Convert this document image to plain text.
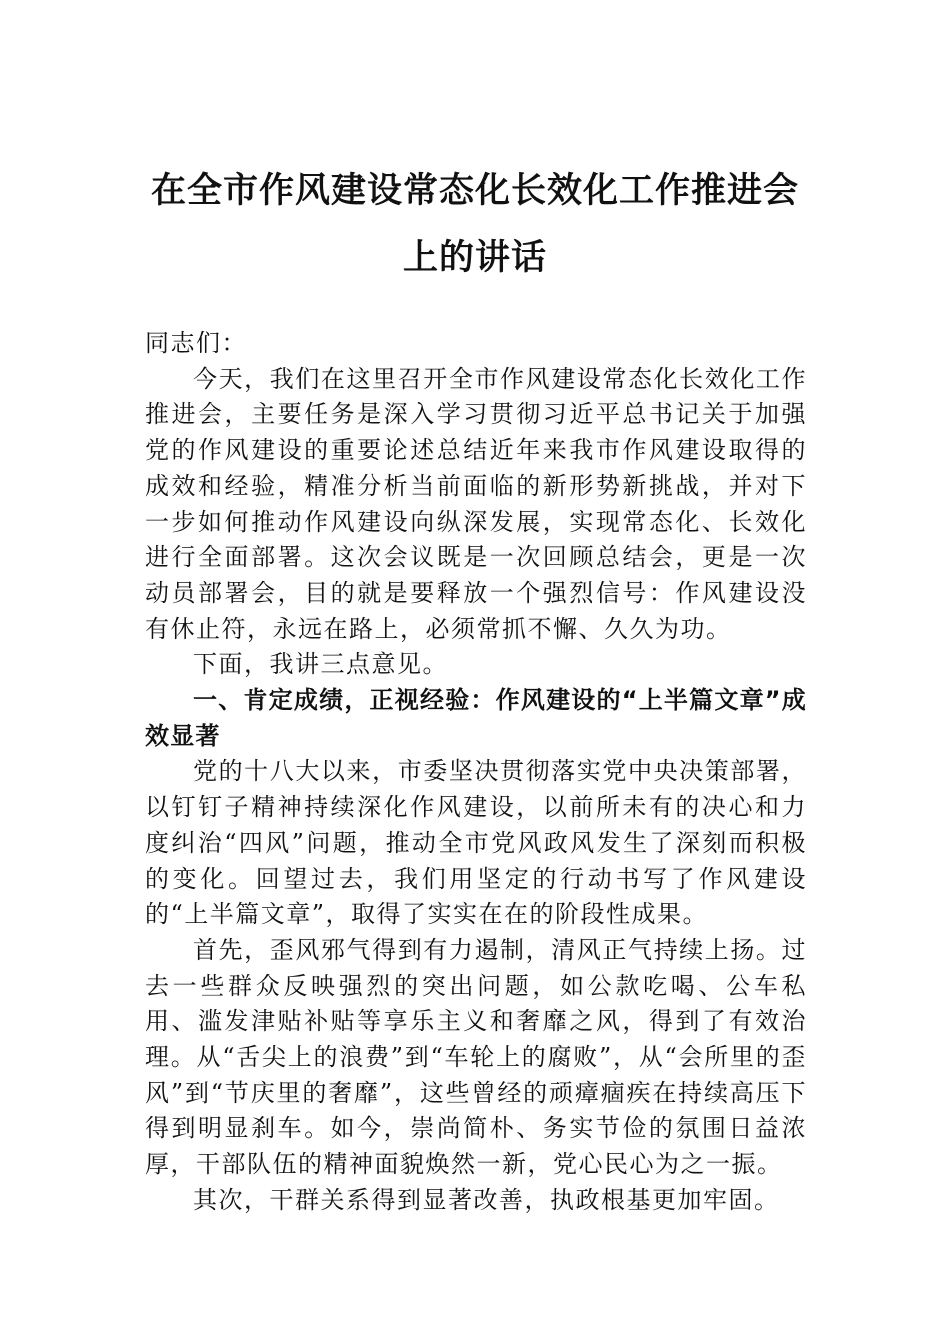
在全市作风建设常态化长效化工作推进会
上的讲话

同志们：

今天，我们在这里召开全市作风建设常态化长效化工作推进会，主要任务是深入学习贯彻习近平总书记关于加强党的作风建设的重要论述总结近年来我市作风建设取得的成效和经验，精准分析当前面临的新形势新挑战，并对下一步如何推动作风建设向纵深发展，实现常态化、长效化进行全面部署。这次会议既是一次回顾总结会，更是一次动员部署会，目的就是要释放一个强烈信号：作风建设没有休止符，永远在路上，必须常抓不懈、久久为功。

下面，我讲三点意见。

一、肯定成绩，正视经验：作风建设的“上半篇文章”成效显著

党的十八大以来，市委坚决贯彻落实党中央决策部署，以钉钉子精神持续深化作风建设，以前所未有的决心和力度纠治“四风”问题，推动全市党风政风发生了深刻而积极的变化。回望过去，我们用坚定的行动书写了作风建设的“上半篇文章”，取得了实实在在的阶段性成果。

首先，歪风邪气得到有力遏制，清风正气持续上扬。过去一些群众反映强烈的突出问题，如公款吃喝、公车私用、滥发津贴补贴等享乐主义和奢靡之风，得到了有效治理。从“舌尖上的浪费”到“车轮上的腐败”，从“会所里的歪风”到“节庆里的奢靡”，这些曾经的顽瘴痼疾在持续高压下得到明显刹车。如今，崇尚简朴、务实节俭的氛围日益浓厚，干部队伍的精神面貌焕然一新，党心民心为之一振。

其次，干群关系得到显著改善，执政根基更加牢固。
